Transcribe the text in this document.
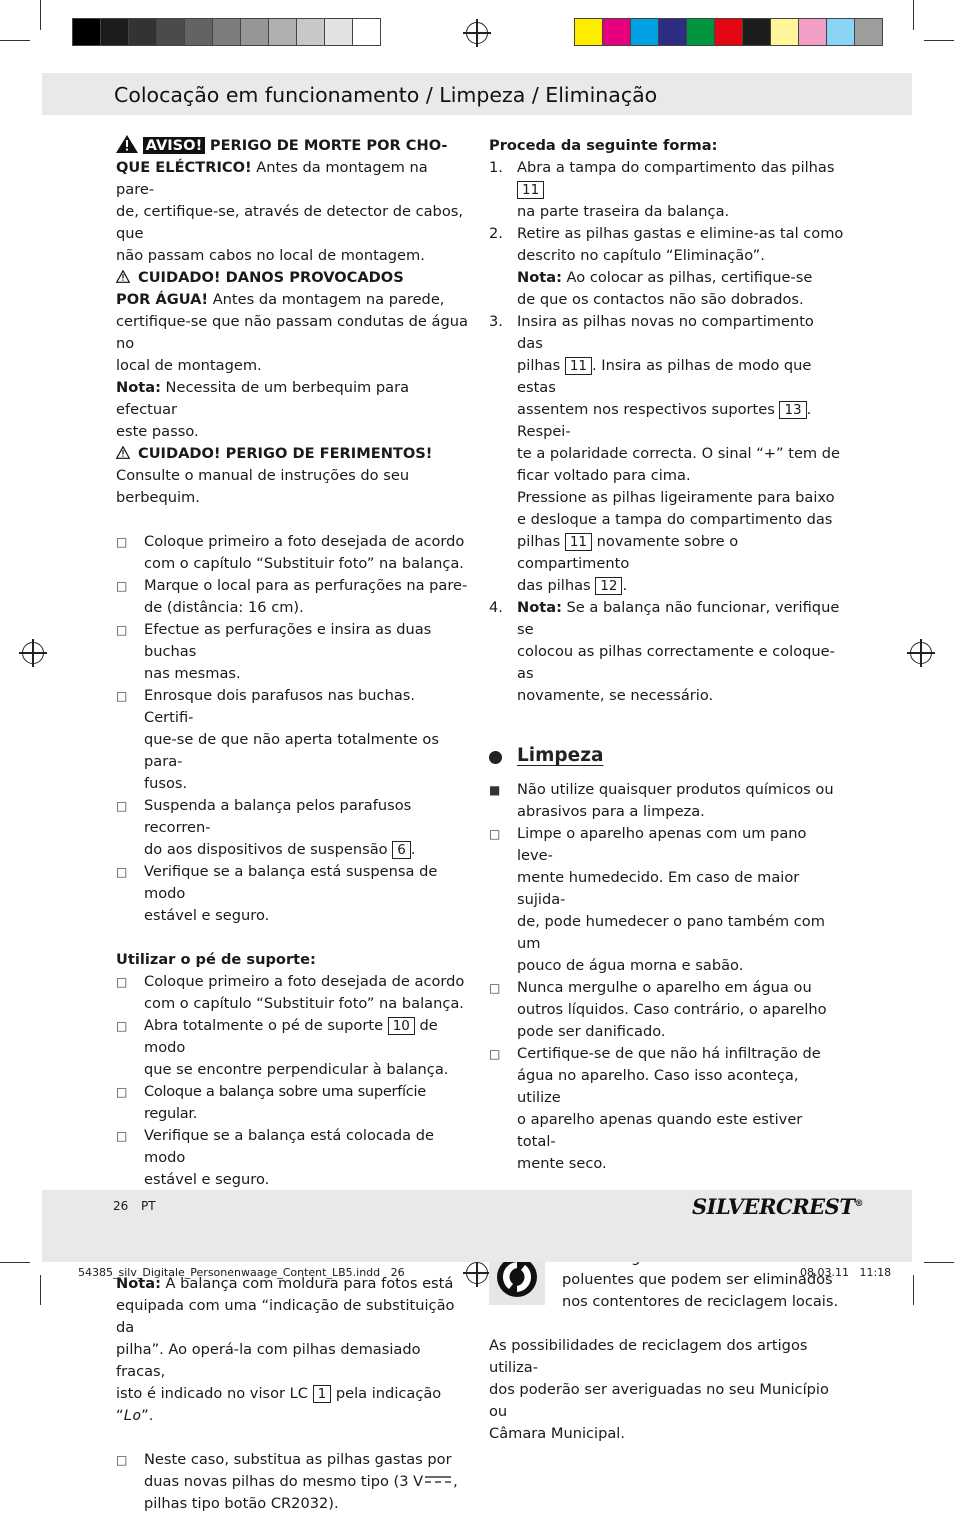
Colocação em funcionamento / Limpeza / Eliminação

AVISO! PERIGO DE MORTE POR CHO-

QUE ELÉCTRICO! Antes da montagem na pare-

de, certifique-se, através de detector de cabos, que

não passam cabos no local de montagem.

CUIDADO! DANOS PROVOCADOS

POR ÁGUA! Antes da montagem na parede,

certifique-se que não passam condutas de água no

local de montagem.

Nota: Necessita de um berbequim para efectuar

este passo.

CUIDADO! PERIGO DE FERIMENTOS!

Consulte o manual de instruções do seu berbequim.

□ Coloque primeiro a foto desejada de acordo

com o capítulo “Substituir foto” na balança.

□ Marque o local para as perfurações na pare-

de (distância: 16 cm).

□ Efectue as perfurações e insira as duas buchas

nas mesmas.

□ Enrosque dois parafusos nas buchas. Certifi-

que-se de que não aperta totalmente os para-

fusos.

□ Suspenda a balança pelos parafusos recorren-

do aos dispositivos de suspensão 6 .

□ Verifique se a balança está suspensa de modo

estável e seguro.

Utilizar o pé de suporte:

□ Coloque primeiro a foto desejada de acordo

com o capítulo “Substituir foto” na balança.

□ Abra totalmente o pé de suporte 10 de modo

que se encontre perpendicular à balança.

□ Coloque a balança sobre uma superfície regular.

□ Verifique se a balança está colocada de modo

estável e seguro.

Nota: A balança com moldura para fotos está

equipada com uma “indicação de substituição da

pilha”. Ao operá-la com pilhas demasiado fracas,

isto é indicado no visor LC 1 pela indicação “Lo”.

□ Neste caso, substitua as pilhas gastas por

duas novas pilhas do mesmo tipo (3 V ,

pilhas tipo botão CR2032).

Proceda da seguinte forma:

1. Abra a tampa do compartimento das pilhas 11

na parte traseira da balança.

2. Retire as pilhas gastas e elimine-as tal como

descrito no capítulo “Eliminação”.

Nota: Ao colocar as pilhas, certifique-se

de que os contactos não são dobrados.

3. Insira as pilhas novas no compartimento das

pilhas 11 . Insira as pilhas de modo que estas

assentem nos respectivos suportes 13 . Respei-

te a polaridade correcta. O sinal “+” tem de

ficar voltado para cima.

Pressione as pilhas ligeiramente para baixo

e desloque a tampa do compartimento das

pilhas 11 novamente sobre o compartimento

das pilhas 12 .

4. Nota: Se a balança não funcionar, verifique se

colocou as pilhas correctamente e coloque-as

novamente, se necessário.

Limpeza
■ Não utilize quaisquer produtos químicos ou

abrasivos para a limpeza.

□ Limpe o aparelho apenas com um pano leve-

mente humedecido. Em caso de maior sujida-

de, pode humedecer o pano também com um

pouco de água morna e sabão.

□ Nunca mergulhe o aparelho em água ou

outros líquidos. Caso contrário, o aparelho

pode ser danificado.

□ Certifique-se de que não há infiltração de

água no aparelho. Caso isso aconteça, utilize

o aparelho apenas quando este estiver total-

mente seco.

poluentes que podem ser eliminados

nos contentores de reciclagem locais.

As possibilidades de reciclagem dos artigos utiliza-

dos poderão ser averiguadas no seu Município ou

Câmara Municipal.

26 PT	SILVERCREST®
54385_silv_Digitale_Personenwaage_Content_LB5.indd   26	08.03.11   11:18
